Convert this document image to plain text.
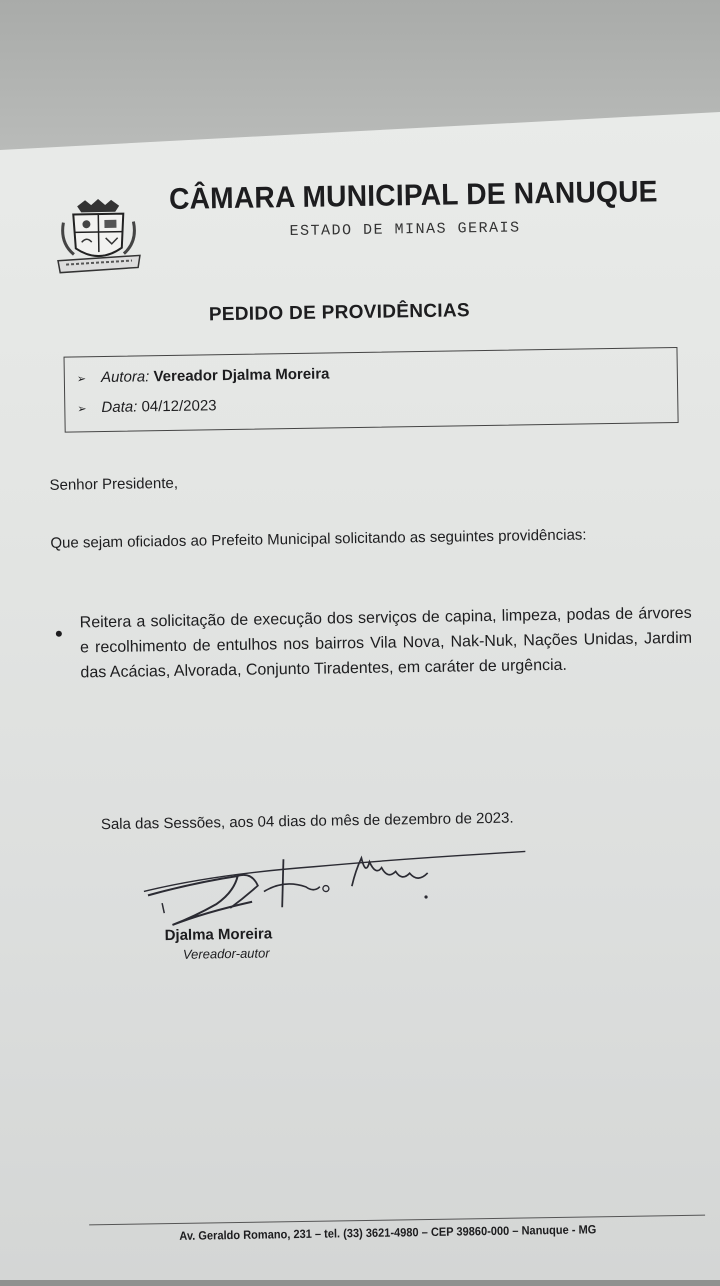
CÂMARA MUNICIPAL DE NANUQUE
ESTADO DE MINAS GERAIS
PEDIDO DE PROVIDÊNCIAS
➢ Autora: Vereador Djalma Moreira
➢ Data: 04/12/2023
Senhor Presidente,
Que sejam oficiados ao Prefeito Municipal solicitando as seguintes providências:
Reitera a solicitação de execução dos serviços de capina, limpeza, podas de árvores e recolhimento de entulhos nos bairros Vila Nova, Nak-Nuk, Nações Unidas, Jardim das Acácias, Alvorada, Conjunto Tiradentes, em caráter de urgência.
Sala das Sessões, aos 04 dias do mês de dezembro de 2023.
Djalma Moreira
Vereador-autor
Av. Geraldo Romano, 231 – tel. (33) 3621-4980 – CEP 39860-000 – Nanuque - MG
